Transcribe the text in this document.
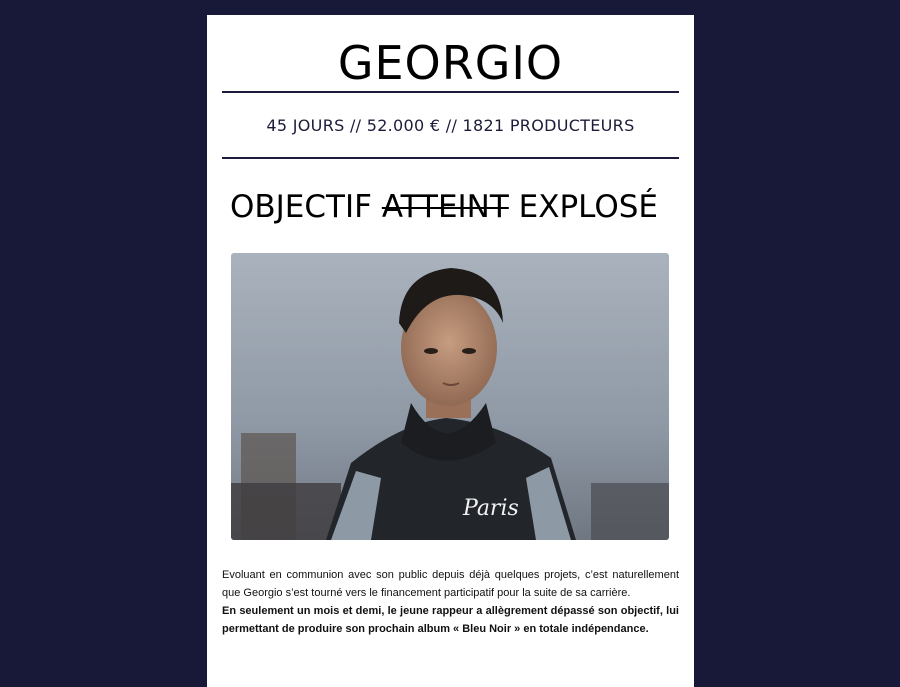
GEORGIO
45 JOURS // 52.000 € // 1821 PRODUCTEURS
OBJECTIF ATTEINT EXPLOSÉ
Paris

Evoluant en communion avec son public depuis déjà quelques projets, c’est naturellement que Georgio s’est tourné vers le financement participatif pour la suite de sa carrière.

En seulement un mois et demi, le jeune rappeur a allègrement dépassé son objectif, lui permettant de produire son prochain album « Bleu Noir » en totale indépendance.
